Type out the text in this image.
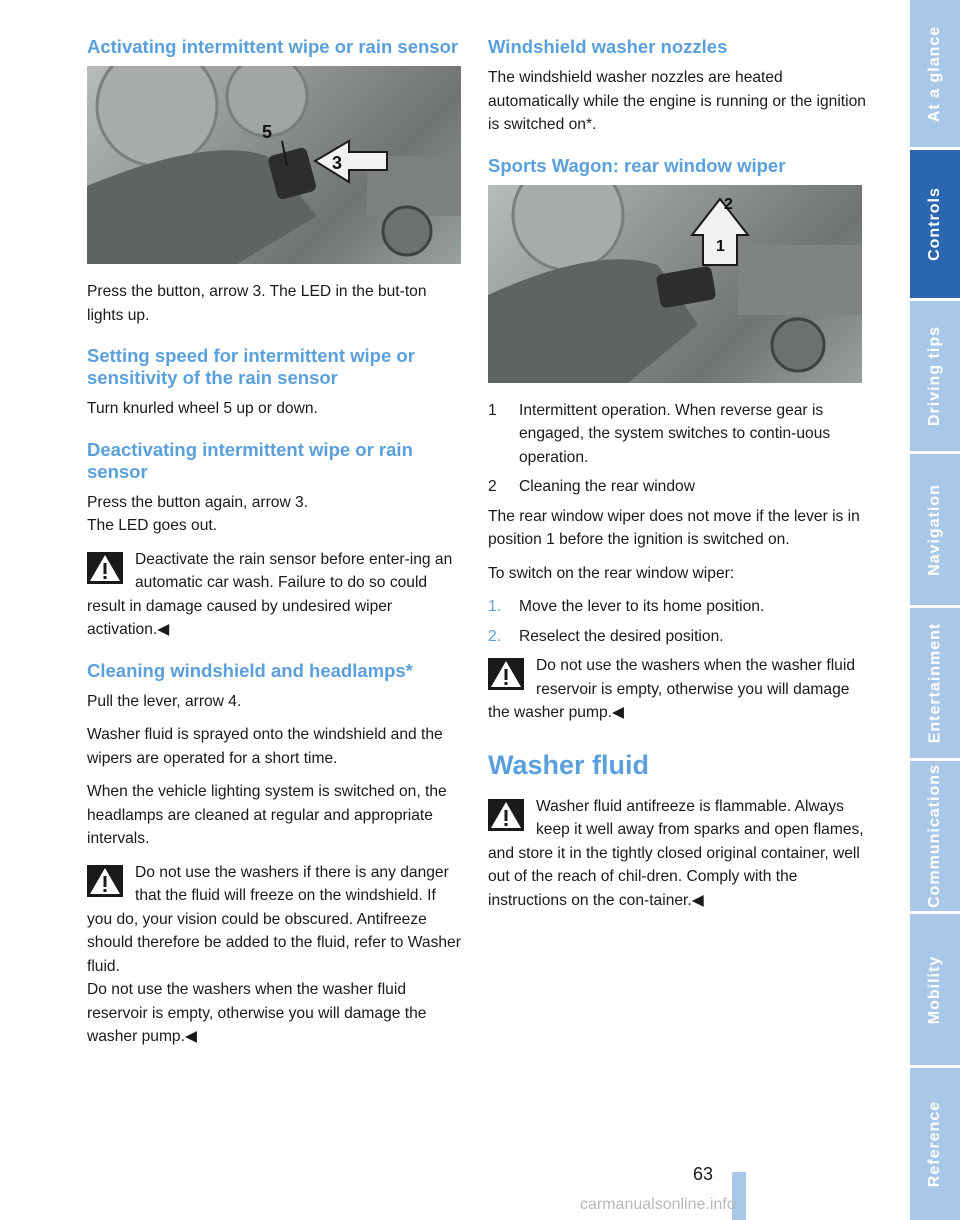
Activating intermittent wipe or rain sensor
5
3

Press the button, arrow 3. The LED in the but-ton lights up.

Setting speed for intermittent wipe or sensitivity of the rain sensor

Turn knurled wheel 5 up or down.

Deactivating intermittent wipe or rain sensor

Press the button again, arrow 3.

The LED goes out.

Deactivate the rain sensor before enter-ing an automatic car wash. Failure to do so could result in damage caused by undesired wiper activation.◀

Cleaning windshield and headlamps*

Pull the lever, arrow 4.

Washer fluid is sprayed onto the windshield and the wipers are operated for a short time.

When the vehicle lighting system is switched on, the headlamps are cleaned at regular and appropriate intervals.

Do not use the washers if there is any danger that the fluid will freeze on the windshield. If you do, your vision could be obscured. Antifreeze should therefore be added to the fluid, refer to Washer fluid.

Do not use the washers when the washer fluid reservoir is empty, otherwise you will damage the washer pump.◀

Windshield washer nozzles

The windshield washer nozzles are heated automatically while the engine is running or the ignition is switched on*.

Sports Wagon: rear window wiper
1
2
1	Intermittent operation. When reverse gear is engaged, the system switches to contin-uous operation.
2	Cleaning the rear window

The rear window wiper does not move if the lever is in position 1 before the ignition is switched on.

To switch on the rear window wiper:

1.	Move the lever to its home position.
2.	Reselect the desired position.

Do not use the washers when the washer fluid reservoir is empty, otherwise you will damage the washer pump.◀

Washer fluid

Washer fluid antifreeze is flammable. Always keep it well away from sparks and open flames, and store it in the tightly closed original container, well out of the reach of chil-dren. Comply with the instructions on the con-tainer.◀

At a glance
Controls
Driving tips
Navigation
Entertainment
Communications
Mobility
Reference
63
carmanualsonline.info
